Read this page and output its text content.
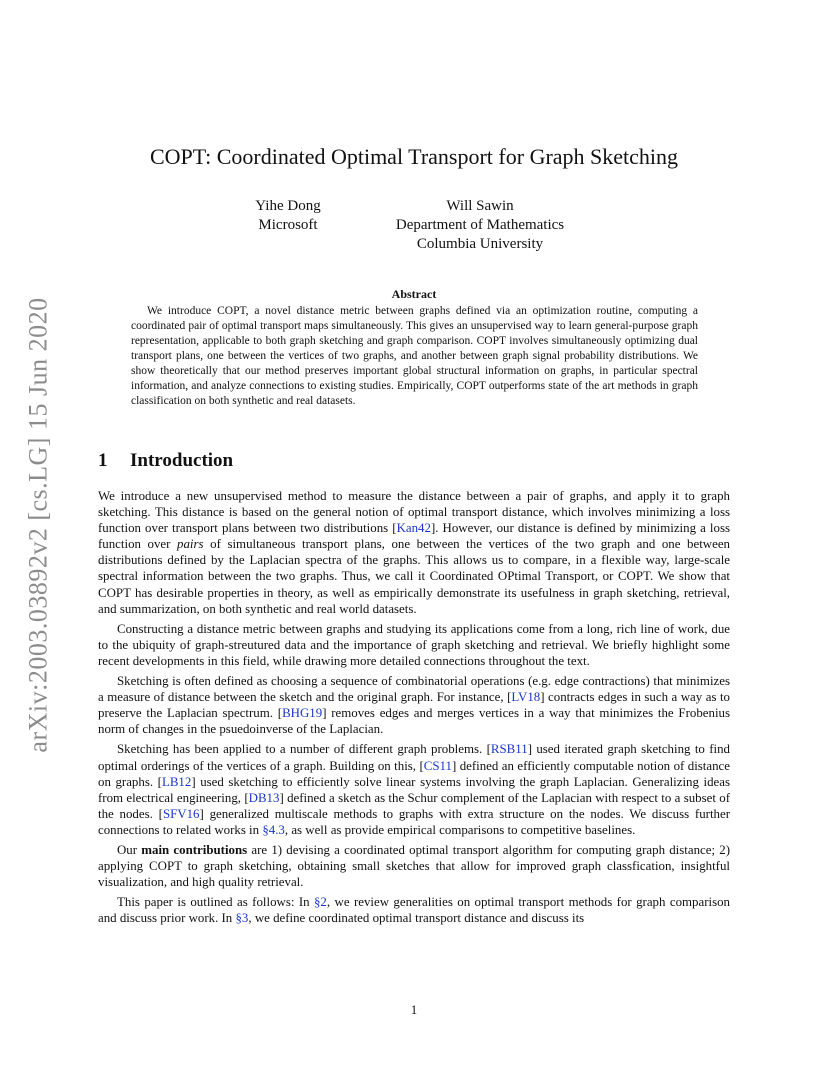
arXiv:2003.03892v2 [cs.LG] 15 Jun 2020
COPT: Coordinated Optimal Transport for Graph Sketching
Yihe Dong
Microsoft
Will Sawin
Department of Mathematics
Columbia University
Abstract

We introduce COPT, a novel distance metric between graphs defined via an optimization routine, computing a coordinated pair of optimal transport maps simultaneously. This gives an unsupervised way to learn general-purpose graph representation, applicable to both graph sketching and graph comparison. COPT involves simultaneously optimizing dual transport plans, one between the vertices of two graphs, and another between graph signal probability distributions. We show theoretically that our method preserves important global structural information on graphs, in particular spectral information, and analyze connections to existing studies. Empirically, COPT outperforms state of the art methods in graph classification on both synthetic and real datasets.

1 Introduction

We introduce a new unsupervised method to measure the distance between a pair of graphs, and apply it to graph sketching. This distance is based on the general notion of optimal transport distance, which involves minimizing a loss function over transport plans between two distributions [Kan42]. However, our distance is defined by minimizing a loss function over pairs of simultaneous transport plans, one between the vertices of the two graph and one between distributions defined by the Laplacian spectra of the graphs. This allows us to compare, in a flexible way, large-scale spectral information between the two graphs. Thus, we call it Coordinated OPtimal Transport, or COPT. We show that COPT has desirable properties in theory, as well as empirically demonstrate its usefulness in graph sketching, retrieval, and summarization, on both synthetic and real world datasets.

Constructing a distance metric between graphs and studying its applications come from a long, rich line of work, due to the ubiquity of graph-streutured data and the importance of graph sketching and retrieval. We briefly highlight some recent developments in this field, while drawing more detailed connections throughout the text.

Sketching is often defined as choosing a sequence of combinatorial operations (e.g. edge contractions) that minimizes a measure of distance between the sketch and the original graph. For instance, [LV18] contracts edges in such a way as to preserve the Laplacian spectrum. [BHG19] removes edges and merges vertices in a way that minimizes the Frobenius norm of changes in the psuedoinverse of the Laplacian.

Sketching has been applied to a number of different graph problems. [RSB11] used iterated graph sketching to find optimal orderings of the vertices of a graph. Building on this, [CS11] defined an efficiently computable notion of distance on graphs. [LB12] used sketching to efficiently solve linear systems involving the graph Laplacian. Generalizing ideas from electrical engineering, [DB13] defined a sketch as the Schur complement of the Laplacian with respect to a subset of the nodes. [SFV16] generalized multiscale methods to graphs with extra structure on the nodes. We discuss further connections to related works in §4.3, as well as provide empirical comparisons to competitive baselines.

Our main contributions are 1) devising a coordinated optimal transport algorithm for computing graph distance; 2) applying COPT to graph sketching, obtaining small sketches that allow for improved graph classfication, insightful visualization, and high quality retrieval.

This paper is outlined as follows: In §2, we review generalities on optimal transport methods for graph comparison and discuss prior work. In §3, we define coordinated optimal transport distance and discuss its

1
